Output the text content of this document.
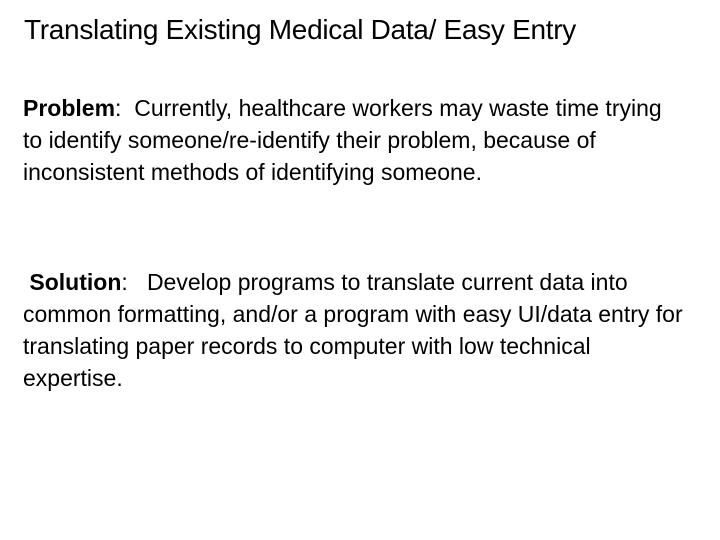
Translating Existing Medical Data/ Easy Entry
Problem:  Currently, healthcare workers may waste time trying to identify someone/re-identify their problem, because of inconsistent methods of identifying someone.
Solution:   Develop programs to translate current data into common formatting, and/or a program with easy UI/data entry for translating paper records to computer with low technical expertise.
